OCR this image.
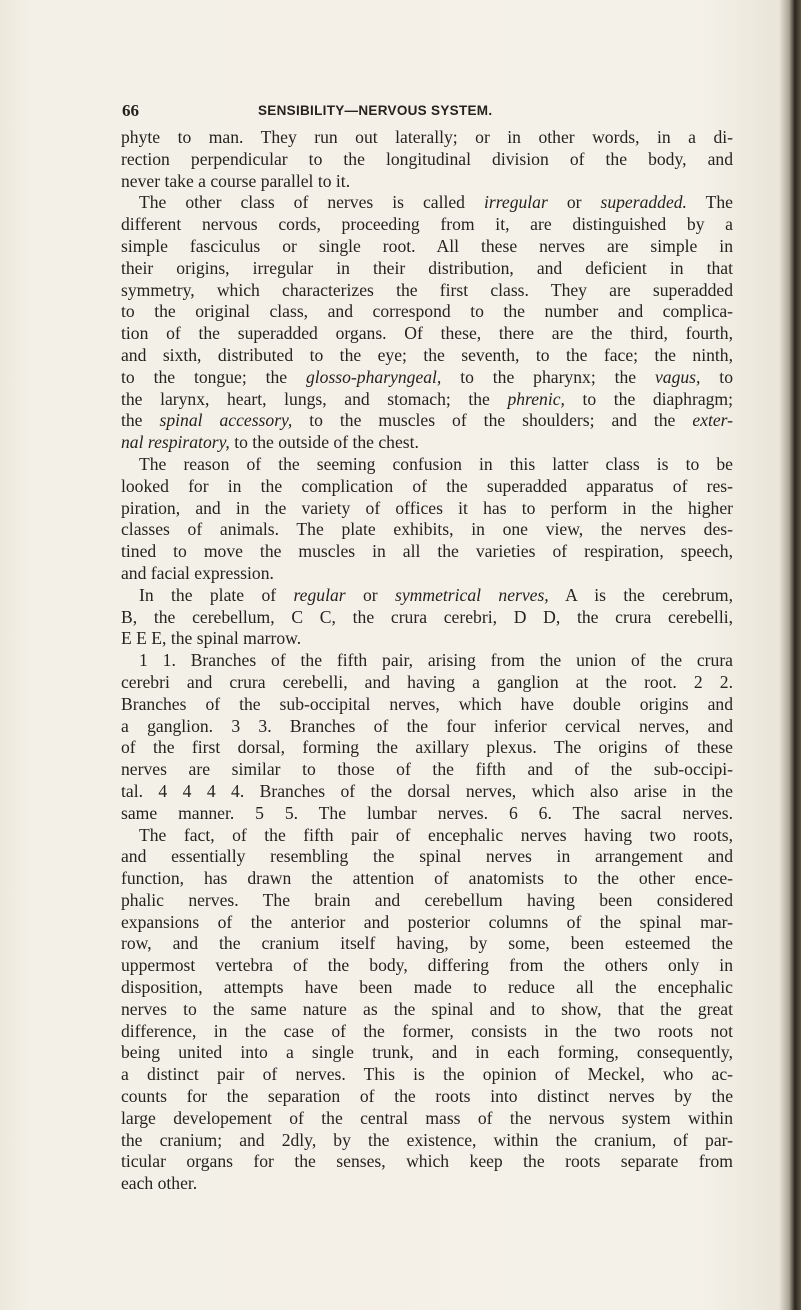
66	SENSIBILITY—NERVOUS SYSTEM.
phyte to man. They run out laterally; or in other words, in a di-
rection perpendicular to the longitudinal division of the body, and
never take a course parallel to it.
The other class of nerves is called irregular or superadded. The
different nervous cords, proceeding from it, are distinguished by a
simple fasciculus or single root. All these nerves are simple in
their origins, irregular in their distribution, and deficient in that
symmetry, which characterizes the first class. They are superadded
to the original class, and correspond to the number and complica-
tion of the superadded organs. Of these, there are the third, fourth,
and sixth, distributed to the eye; the seventh, to the face; the ninth,
to the tongue; the glosso-pharyngeal, to the pharynx; the vagus, to
the larynx, heart, lungs, and stomach; the phrenic, to the diaphragm;
the spinal accessory, to the muscles of the shoulders; and the exter-
nal respiratory, to the outside of the chest.
The reason of the seeming confusion in this latter class is to be
looked for in the complication of the superadded apparatus of res-
piration, and in the variety of offices it has to perform in the higher
classes of animals. The plate exhibits, in one view, the nerves des-
tined to move the muscles in all the varieties of respiration, speech,
and facial expression.
In the plate of regular or symmetrical nerves, A is the cerebrum,
B, the cerebellum, C C, the crura cerebri, D D, the crura cerebelli,
E E E, the spinal marrow.
1 1. Branches of the fifth pair, arising from the union of the crura
cerebri and crura cerebelli, and having a ganglion at the root. 2 2.
Branches of the sub-occipital nerves, which have double origins and
a ganglion. 3 3. Branches of the four inferior cervical nerves, and
of the first dorsal, forming the axillary plexus. The origins of these
nerves are similar to those of the fifth and of the sub-occipi-
tal. 4 4 4 4. Branches of the dorsal nerves, which also arise in the
same manner. 5 5. The lumbar nerves. 6 6. The sacral nerves.
The fact, of the fifth pair of encephalic nerves having two roots,
and essentially resembling the spinal nerves in arrangement and
function, has drawn the attention of anatomists to the other ence-
phalic nerves. The brain and cerebellum having been considered
expansions of the anterior and posterior columns of the spinal mar-
row, and the cranium itself having, by some, been esteemed the
uppermost vertebra of the body, differing from the others only in
disposition, attempts have been made to reduce all the encephalic
nerves to the same nature as the spinal and to show, that the great
difference, in the case of the former, consists in the two roots not
being united into a single trunk, and in each forming, consequently,
a distinct pair of nerves. This is the opinion of Meckel, who ac-
counts for the separation of the roots into distinct nerves by the
large developement of the central mass of the nervous system within
the cranium; and 2dly, by the existence, within the cranium, of par-
ticular organs for the senses, which keep the roots separate from
each other.
